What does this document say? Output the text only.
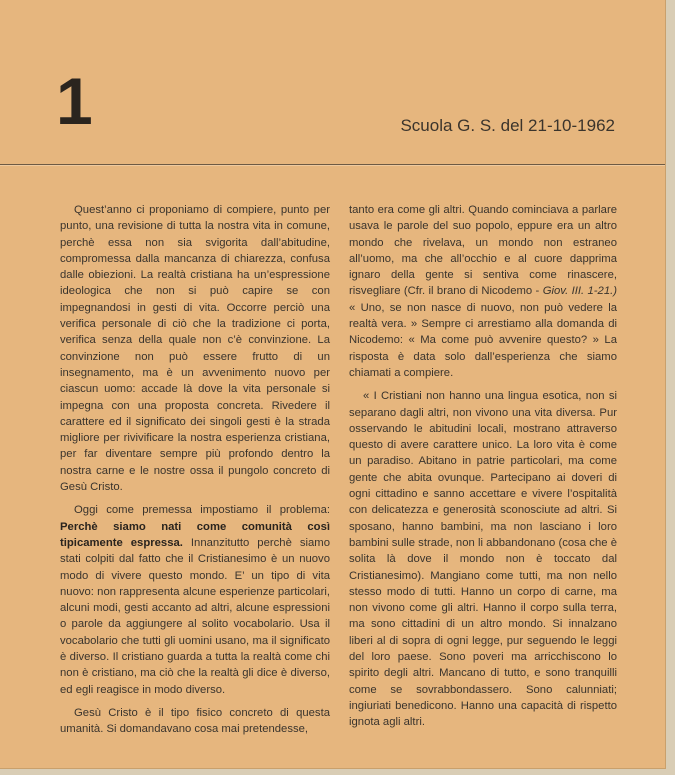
1	Scuola G. S. del 21-10-1962

Quest’anno ci proponiamo di compiere, punto per punto, una revisione di tutta la nostra vita in comune, perchè essa non sia svigorita dall’abitudine, compromessa dalla mancanza di chiarezza, confusa dalle obiezioni. La realtà cristiana ha un’espressione ideologica che non si può capire se con impegnandosi in gesti di vita. Occorre perciò una verifica personale di ciò che la tradizione ci porta, verifica senza della quale non c’è convinzione. La convinzione non può essere frutto di un insegnamento, ma è un avvenimento nuovo per ciascun uomo: accade là dove la vita personale si impegna con una proposta concreta. Rivedere il carattere ed il significato dei singoli gesti è la strada migliore per rivivificare la nostra esperienza cristiana, per far diventare sempre più profondo dentro la nostra carne e le nostre ossa il pungolo concreto di Gesù Cristo.

Oggi come premessa impostiamo il problema: Perchè siamo nati come comunità così tipicamente espressa. Innanzitutto perchè siamo stati colpiti dal fatto che il Cristianesimo è un nuovo modo di vivere questo mondo. E’ un tipo di vita nuovo: non rappresenta alcune esperienze particolari, alcuni modi, gesti accanto ad altri, alcune espressioni o parole da aggiungere al solito vocabolario. Usa il vocabolario che tutti gli uomini usano, ma il significato è diverso. Il cristiano guarda a tutta la realtà come chi non è cristiano, ma ciò che la realtà gli dice è diverso, ed egli reagisce in modo diverso.

Gesù Cristo è il tipo fisico concreto di questa umanità. Si domandavano cosa mai pretendesse,

tanto era come gli altri. Quando cominciava a parlare usava le parole del suo popolo, eppure era un altro mondo che rivelava, un mondo non estraneo all’uomo, ma che all’occhio e al cuore dapprima ignaro della gente si sentiva come rinascere, risvegliare (Cfr. il brano di Nicodemo - Giov. III. 1-21.) « Uno, se non nasce di nuovo, non può vedere la realtà vera. » Sempre ci arrestiamo alla domanda di Nicodemo: « Ma come può avvenire questo? » La risposta è data solo dall’esperienza che siamo chiamati a compiere.

« I Cristiani non hanno una lingua esotica, non si separano dagli altri, non vivono una vita diversa. Pur osservando le abitudini locali, mostrano attraverso questo di avere carattere unico. La loro vita è come un paradiso. Abitano in patrie particolari, ma come gente che abita ovunque. Partecipano ai doveri di ogni cittadino e sanno accettare e vivere l’ospitalità con delicatezza e generosità sconosciute ad altri. Si sposano, hanno bambini, ma non lasciano i loro bambini sulle strade, non li abbandonano (cosa che è solita là dove il mondo non è toccato dal Cristianesimo). Mangiano come tutti, ma non nello stesso modo di tutti. Hanno un corpo di carne, ma non vivono come gli altri. Hanno il corpo sulla terra, ma sono cittadini di un altro mondo. Si innalzano liberi al di sopra di ogni legge, pur seguendo le leggi del loro paese. Sono poveri ma arricchiscono lo spirito degli altri. Mancano di tutto, e sono tranquilli come se sovrabbondassero. Sono calunniati; ingiuriati benedicono. Hanno una capacità di rispetto ignota agli altri.
